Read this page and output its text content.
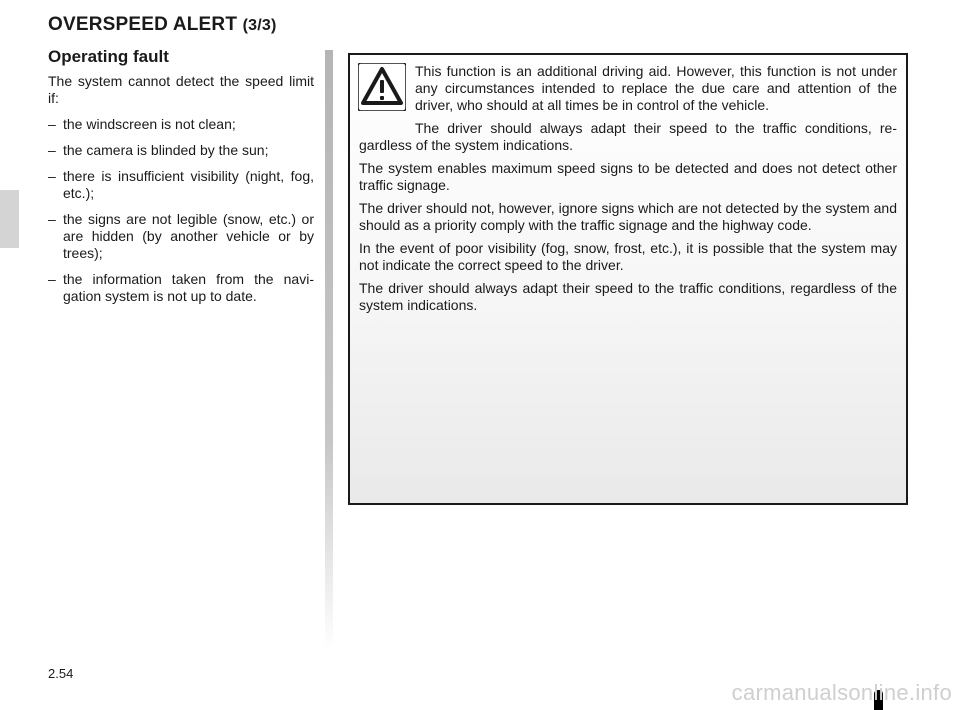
OVERSPEED ALERT (3/3)
Operating fault

The system cannot detect the speed limit if:

– the windscreen is not clean;
– the camera is blinded by the sun;
– there is insufficient visibility (night, fog, etc.);
– the signs are not legible (snow, etc.) or are hidden (by another vehicle or by trees);
– the information taken from the navi- gation system is not up to date.

This function is an additional driving aid. However, this function is not under any circumstances intended to replace the due care and attention of the driver, who should at all times be in control of the vehicle.

The driver should always adapt their speed to the traffic conditions, re- gardless of the system indications.

The system enables maximum speed signs to be detected and does not detect other traffic signage.

The driver should not, however, ignore signs which are not detected by the system and should as a priority comply with the traffic signage and the highway code.

In the event of poor visibility (fog, snow, frost, etc.), it is possible that the system may not indicate the correct speed to the driver.

The driver should always adapt their speed to the traffic conditions, regardless of the system indications.

2.54
carmanualsonline.info
